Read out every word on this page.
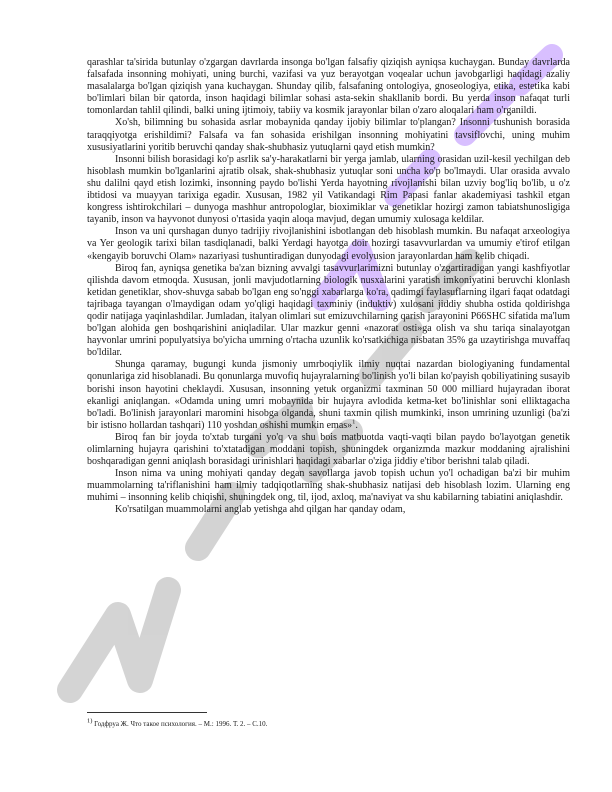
qarashlar ta'sirida butunlay o'zgargan davrlarda insonga bo'lgan falsafiy qiziqish ayniqsa kuchaygan. Bunday davrlarda falsafada insonning mohiyati, uning burchi, vazifasi va yuz berayotgan voqealar uchun javobgarligi haqidagi azaliy masalalarga bo'lgan qiziqish yana kuchaygan. Shunday qilib, falsafaning ontologiya, gnoseologiya, etika, estetika kabi bo'limlari bilan bir qatorda, inson haqidagi bilimlar sohasi asta-sekin shakllanib bordi. Bu yerda inson nafaqat turli tomonlardan tahlil qilindi, balki uning ijtimoiy, tabiiy va kosmik jarayonlar bilan o'zaro aloqalari ham o'rganildi.

Xo'sh, bilimning bu sohasida asrlar mobaynida qanday ijobiy bilimlar to'plangan? Insonni tushunish borasida taraqqiyotga erishildimi? Falsafa va fan sohasida erishilgan insonning mohiyatini tavsiflovchi, uning muhim xususiyatlarini yoritib beruvchi qanday shak-shubhasiz yutuqlarni qayd etish mumkin?

Insonni bilish borasidagi ko'p asrlik sa'y-harakatlarni bir yerga jamlab, ularning orasidan uzil-kesil yechilgan deb hisoblash mumkin bo'lganlarini ajratib olsak, shak-shubhasiz yutuqlar soni uncha ko'p bo'lmaydi. Ular orasida avvalo shu dalilni qayd etish lozimki, insonning paydo bo'lishi Yerda hayotning rivojlanishi bilan uzviy bog'liq bo'lib, u o'z ibtidosi va muayyan tarixiga egadir. Xususan, 1982 yil Vatikandagi Rim Papasi fanlar akademiyasi tashkil etgan kongress ishtirokchilari – dunyoga mashhur antropologlar, bioximiklar va genetiklar hozirgi zamon tabiatshunosligiga tayanib, inson va hayvonot dunyosi o'rtasida yaqin aloqa mavjud, degan umumiy xulosaga keldilar.

Inson va uni qurshagan dunyo tadrijiy rivojlanishini isbotlangan deb hisoblash mumkin. Bu nafaqat arxeologiya va Yer geologik tarixi bilan tasdiqlanadi, balki Yerdagi hayotga doir hozirgi tasavvurlardan va umumiy e'tirof etilgan «kengayib boruvchi Olam» nazariyasi tushuntiradigan dunyodagi evolyusion jarayonlardan ham kelib chiqadi.

Biroq fan, ayniqsa genetika ba'zan bizning avvalgi tasavvurlarimizni butunlay o'zgartiradigan yangi kashfiyotlar qilishda davom etmoqda. Xususan, jonli mavjudotlarning biologik nusxalarini yaratish imkoniyatini beruvchi klonlash ketidan genetiklar, shov-shuvga sabab bo'lgan eng so'nggi xabarlarga ko'ra, qadimgi faylasuflarning ilgari faqat odatdagi tajribaga tayangan o'lmaydigan odam yo'qligi haqidagi taxminiy (induktiv) xulosani jiddiy shubha ostida qoldirishga qodir natijaga yaqinlashdilar. Jumladan, italyan olimlari sut emizuvchilarning qarish jarayonini P66SHC sifatida ma'lum bo'lgan alohida gen boshqarishini aniqladilar. Ular mazkur genni «nazorat osti»ga olish va shu tariqa sinalayotgan hayvonlar umrini populyatsiya bo'yicha umrning o'rtacha uzunlik ko'rsatkichiga nisbatan 35% ga uzaytirishga muvaffaq bo'ldilar.

Shunga qaramay, bugungi kunda jismoniy umrboqiylik ilmiy nuqtai nazardan biologiyaning fundamental qonunlariga zid hisoblanadi. Bu qonunlarga muvofiq hujayralarning bo'linish yo'li bilan ko'payish qobiliyatining susayib borishi inson hayotini cheklaydi. Xususan, insonning yetuk organizmi taxminan 50 000 milliard hujayradan iborat ekanligi aniqlangan. «Odamda uning umri mobaynida bir hujayra avlodida ketma-ket bo'linishlar soni elliktagacha bo'ladi. Bo'linish jarayonlari maromini hisobga olganda, shuni taxmin qilish mumkinki, inson umrining uzunligi (ba'zi bir istisno hollardan tashqari) 110 yoshdan oshishi mumkin emas»$^1$.

Biroq fan bir joyda to'xtab turgani yo'q va shu bois matbuotda vaqti-vaqti bilan paydo bo'layotgan genetik olimlarning hujayra qarishini to'xtatadigan moddani topish, shuningdek organizmda mazkur moddaning ajralishini boshqaradigan genni aniqlash borasidagi urinishlari haqidagi xabarlar o'ziga jiddiy e'tibor berishni talab qiladi.

Inson nima va uning mohiyati qanday degan savollarga javob topish uchun yo'l ochadigan ba'zi bir muhim muammolarning ta'riflanishini ham ilmiy tadqiqotlarning shak-shubhasiz natijasi deb hisoblash lozim. Ularning eng muhimi – insonning kelib chiqishi, shuningdek ong, til, ijod, axloq, ma'naviyat va shu kabilarning tabiatini aniqlashdir.

Ko'rsatilgan muammolarni anglab yetishga ahd qilgan har qanday odam,

$^{1)}$ Годфруа Ж. Что такое психология. – М.: 1996. Т. 2. – С.10.
